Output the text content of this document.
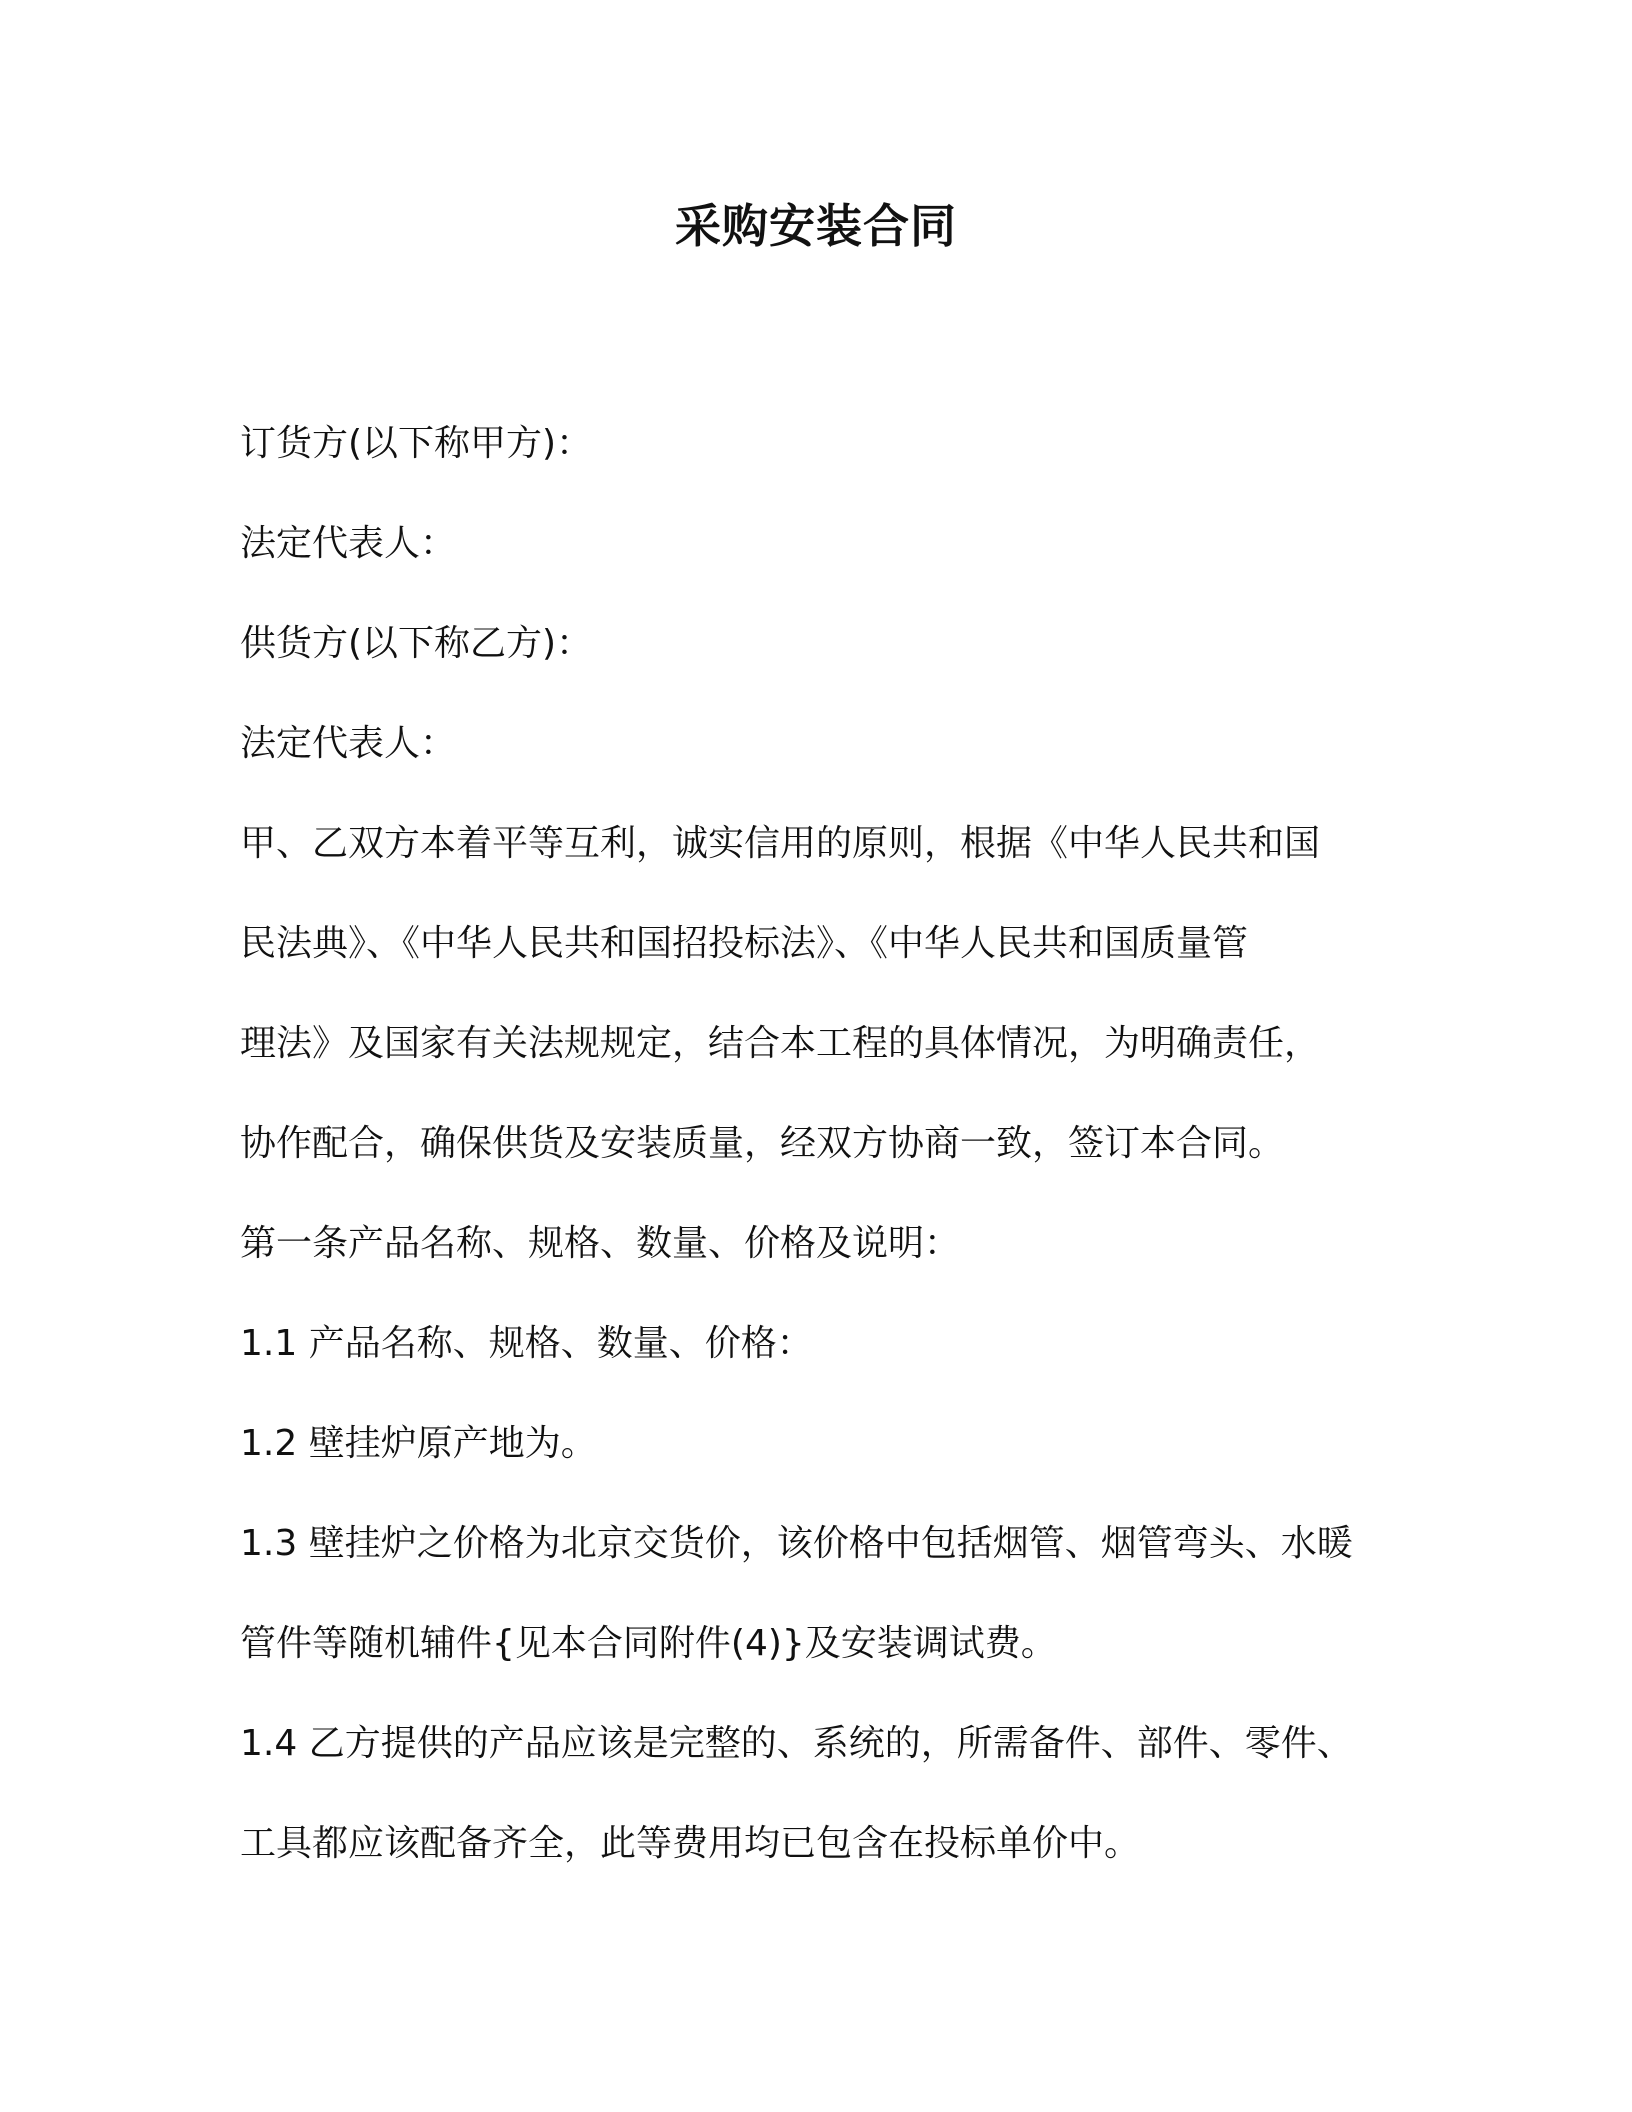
采购安装合同
订货方(以下称甲方)：
法定代表人：
供货方(以下称乙方)：
法定代表人：
甲、乙双方本着平等互利，诚实信用的原则，根据《中华人民共和国
民法典》、《中华人民共和国招投标法》、《中华人民共和国质量管
理法》及国家有关法规规定，结合本工程的具体情况，为明确责任，
协作配合，确保供货及安装质量，经双方协商一致，签订本合同。
第一条产品名称、规格、数量、价格及说明：
1.1 产品名称、规格、数量、价格：
1.2 壁挂炉原产地为。
1.3 壁挂炉之价格为北京交货价，该价格中包括烟管、烟管弯头、水暖
管件等随机辅件{见本合同附件(4)}及安装调试费。
1.4 乙方提供的产品应该是完整的、系统的，所需备件、部件、零件、
工具都应该配备齐全，此等费用均已包含在投标单价中。
